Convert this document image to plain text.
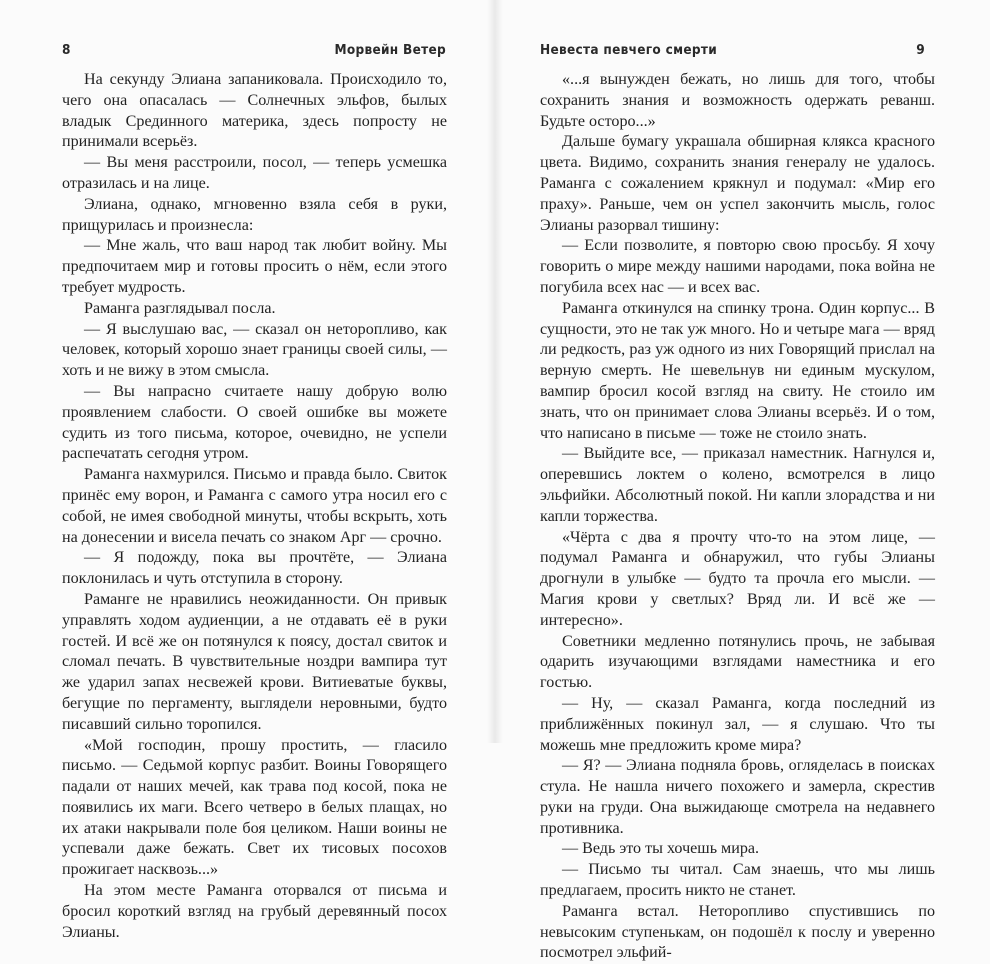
8	Морвейн Ветер

На секунду Элиана запаниковала. Происходило то, чего она опасалась — Солнечных эльфов, былых владык Срединного материка, здесь попросту не принимали всерьёз.

— Вы меня расстроили, посол, — теперь усмешка отразилась и на лице.

Элиана, однако, мгновенно взяла себя в руки, прищурилась и произнесла:

— Мне жаль, что ваш народ так любит войну. Мы предпочитаем мир и готовы просить о нём, если этого требует мудрость.

Раманга разглядывал посла.

— Я выслушаю вас, — сказал он неторопливо, как человек, который хорошо знает границы своей силы, — хоть и не вижу в этом смысла.

— Вы напрасно считаете нашу добрую волю проявлением слабости. О своей ошибке вы можете судить из того письма, которое, очевидно, не успели распечатать сегодня утром.

Раманга нахмурился. Письмо и правда было. Свиток принёс ему ворон, и Раманга с самого утра носил его с собой, не имея свободной минуты, чтобы вскрыть, хоть на донесении и висела печать со знаком Арг — срочно.

— Я подожду, пока вы прочтёте, — Элиана поклонилась и чуть отступила в сторону.

Раманге не нравились неожиданности. Он привык управлять ходом аудиенции, а не отдавать её в руки гостей. И всё же он потянулся к поясу, достал свиток и сломал печать. В чувствительные ноздри вампира тут же ударил запах несвежей крови. Витиеватые буквы, бегущие по пергаменту, выглядели неровными, будто писавший сильно торопился.

«Мой господин, прошу простить, — гласило письмо. — Седьмой корпус разбит. Воины Говорящего падали от наших мечей, как трава под косой, пока не появились их маги. Всего четверо в белых плащах, но их атаки накрывали поле боя целиком. Наши воины не успевали даже бежать. Свет их тисовых посохов прожигает насквозь...»

На этом месте Раманга оторвался от письма и бросил короткий взгляд на грубый деревянный посох Элианы.

Невеста певчего смерти	9

«...я вынужден бежать, но лишь для того, чтобы сохранить знания и возможность одержать реванш. Будьте осторо...»

Дальше бумагу украшала обширная клякса красного цвета. Видимо, сохранить знания генералу не удалось. Раманга с сожалением крякнул и подумал: «Мир его праху». Раньше, чем он успел закончить мысль, голос Элианы разорвал тишину:

— Если позволите, я повторю свою просьбу. Я хочу говорить о мире между нашими народами, пока война не погубила всех нас — и всех вас.

Раманга откинулся на спинку трона. Один корпус... В сущности, это не так уж много. Но и четыре мага — вряд ли редкость, раз уж одного из них Говорящий прислал на верную смерть. Не шевельнув ни единым мускулом, вампир бросил косой взгляд на свиту. Не стоило им знать, что он принимает слова Элианы всерьёз. И о том, что написано в письме — тоже не стоило знать.

— Выйдите все, — приказал наместник. Нагнулся и, оперевшись локтем о колено, всмотрелся в лицо эльфийки. Абсолютный покой. Ни капли злорадства и ни капли торжества.

«Чёрта с два я прочту что-то на этом лице, — подумал Раманга и обнаружил, что губы Элианы дрогнули в улыбке — будто та прочла его мысли. — Магия крови у светлых? Вряд ли. И всё же — интересно».

Советники медленно потянулись прочь, не забывая одарить изучающими взглядами наместника и его гостью.

— Ну, — сказал Раманга, когда последний из приближённых покинул зал, — я слушаю. Что ты можешь мне предложить кроме мира?

— Я? — Элиана подняла бровь, огляделась в поисках стула. Не нашла ничего похожего и замерла, скрестив руки на груди. Она выжидающе смотрела на недавнего противника.

— Ведь это ты хочешь мира.

— Письмо ты читал. Сам знаешь, что мы лишь предлагаем, просить никто не станет.

Раманга встал. Неторопливо спустившись по невысоким ступенькам, он подошёл к послу и уверенно посмотрел эльфий-
